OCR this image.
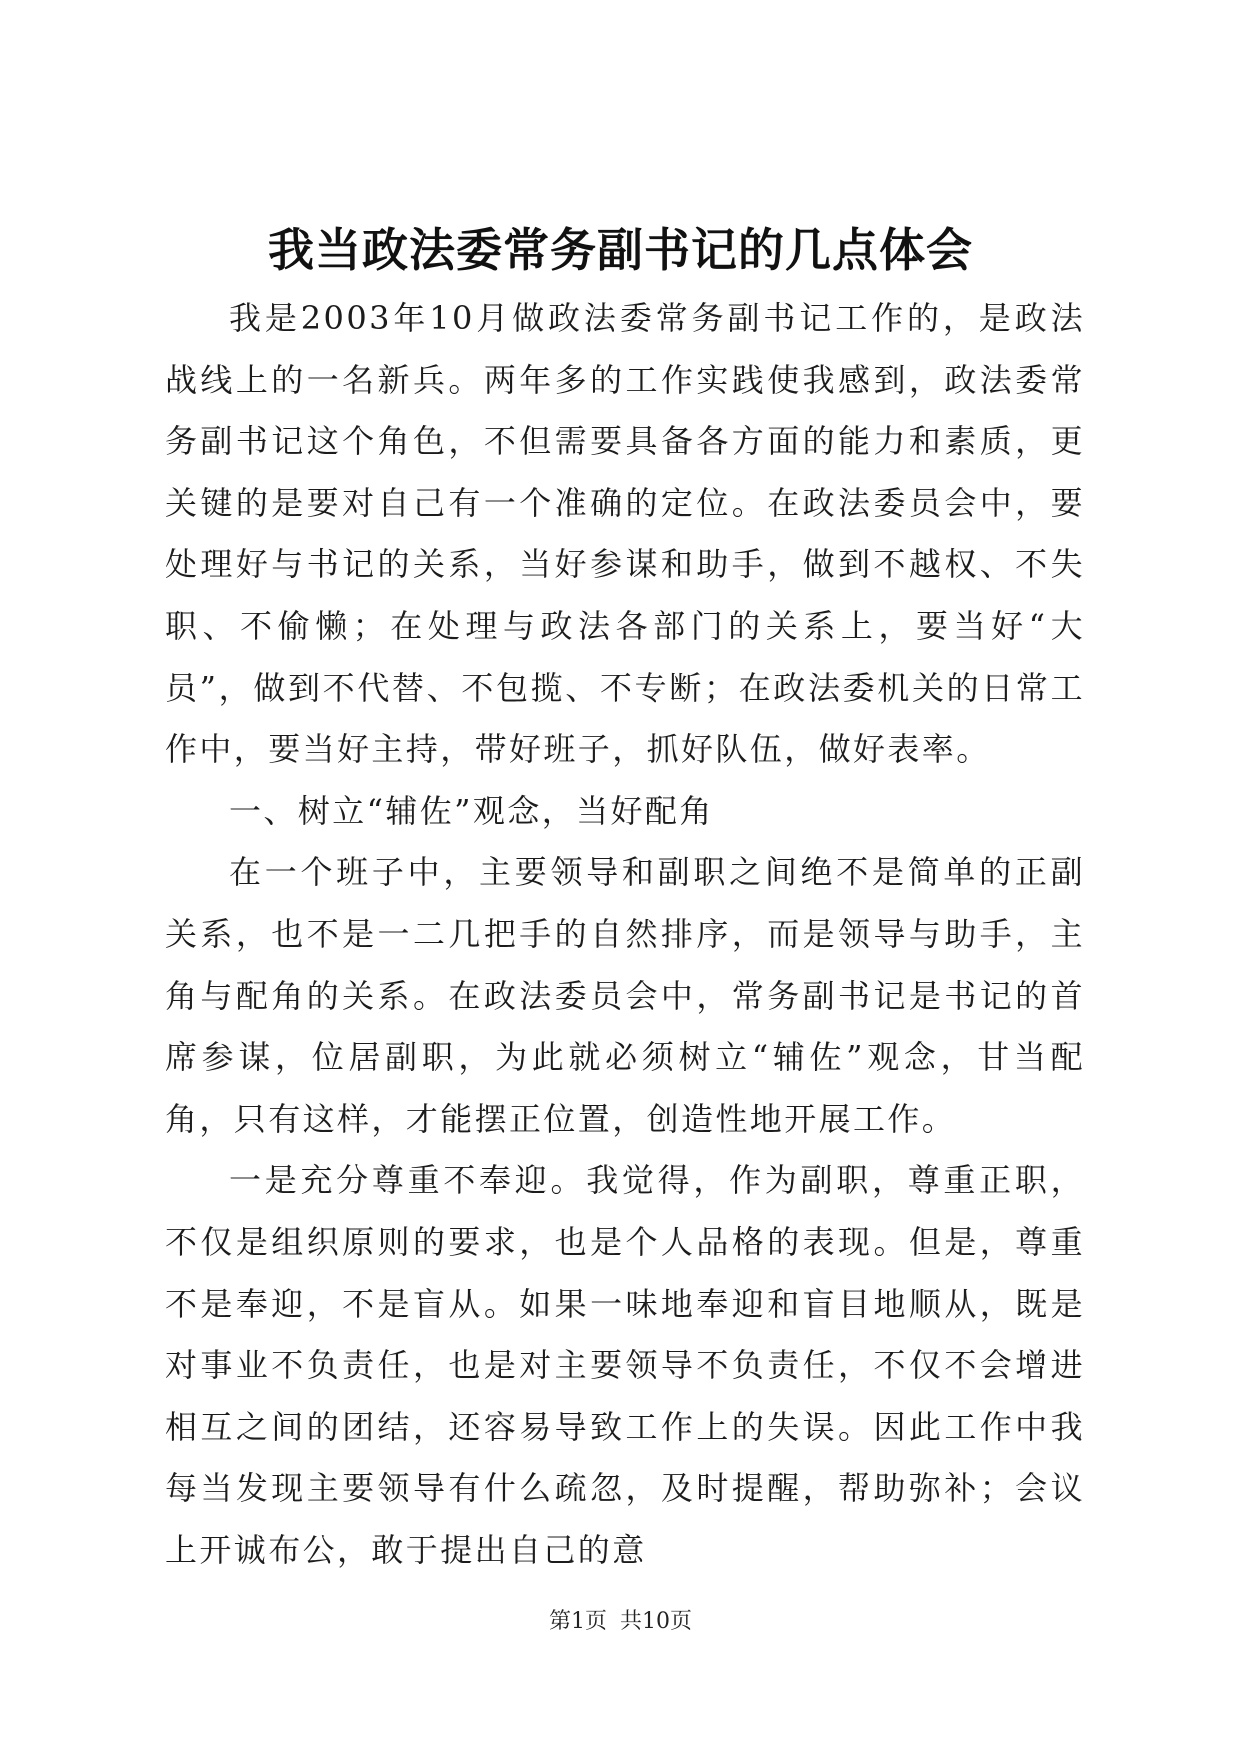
我当政法委常务副书记的几点体会

我是2003年10月做政法委常务副书记工作的，是政法战线上的一名新兵。两年多的工作实践使我感到，政法委常务副书记这个角色，不但需要具备各方面的能力和素质，更关键的是要对自己有一个准确的定位。在政法委员会中，要处理好与书记的关系，当好参谋和助手，做到不越权、不失职、不偷懒；在处理与政法各部门的关系上，要当好“大员”，做到不代替、不包揽、不专断；在政法委机关的日常工作中，要当好主持，带好班子，抓好队伍，做好表率。

一、树立“辅佐”观念，当好配角

在一个班子中，主要领导和副职之间绝不是简单的正副关系，也不是一二几把手的自然排序，而是领导与助手，主角与配角的关系。在政法委员会中，常务副书记是书记的首席参谋，位居副职，为此就必须树立“辅佐”观念，甘当配角，只有这样，才能摆正位置，创造性地开展工作。

一是充分尊重不奉迎。我觉得，作为副职，尊重正职，不仅是组织原则的要求，也是个人品格的表现。但是，尊重不是奉迎，不是盲从。如果一味地奉迎和盲目地顺从，既是对事业不负责任，也是对主要领导不负责任，不仅不会增进相互之间的团结，还容易导致工作上的失误。因此工作中我每当发现主要领导有什么疏忽，及时提醒，帮助弥补；会议上开诚布公，敢于提出自己的意

第1页 共10页
